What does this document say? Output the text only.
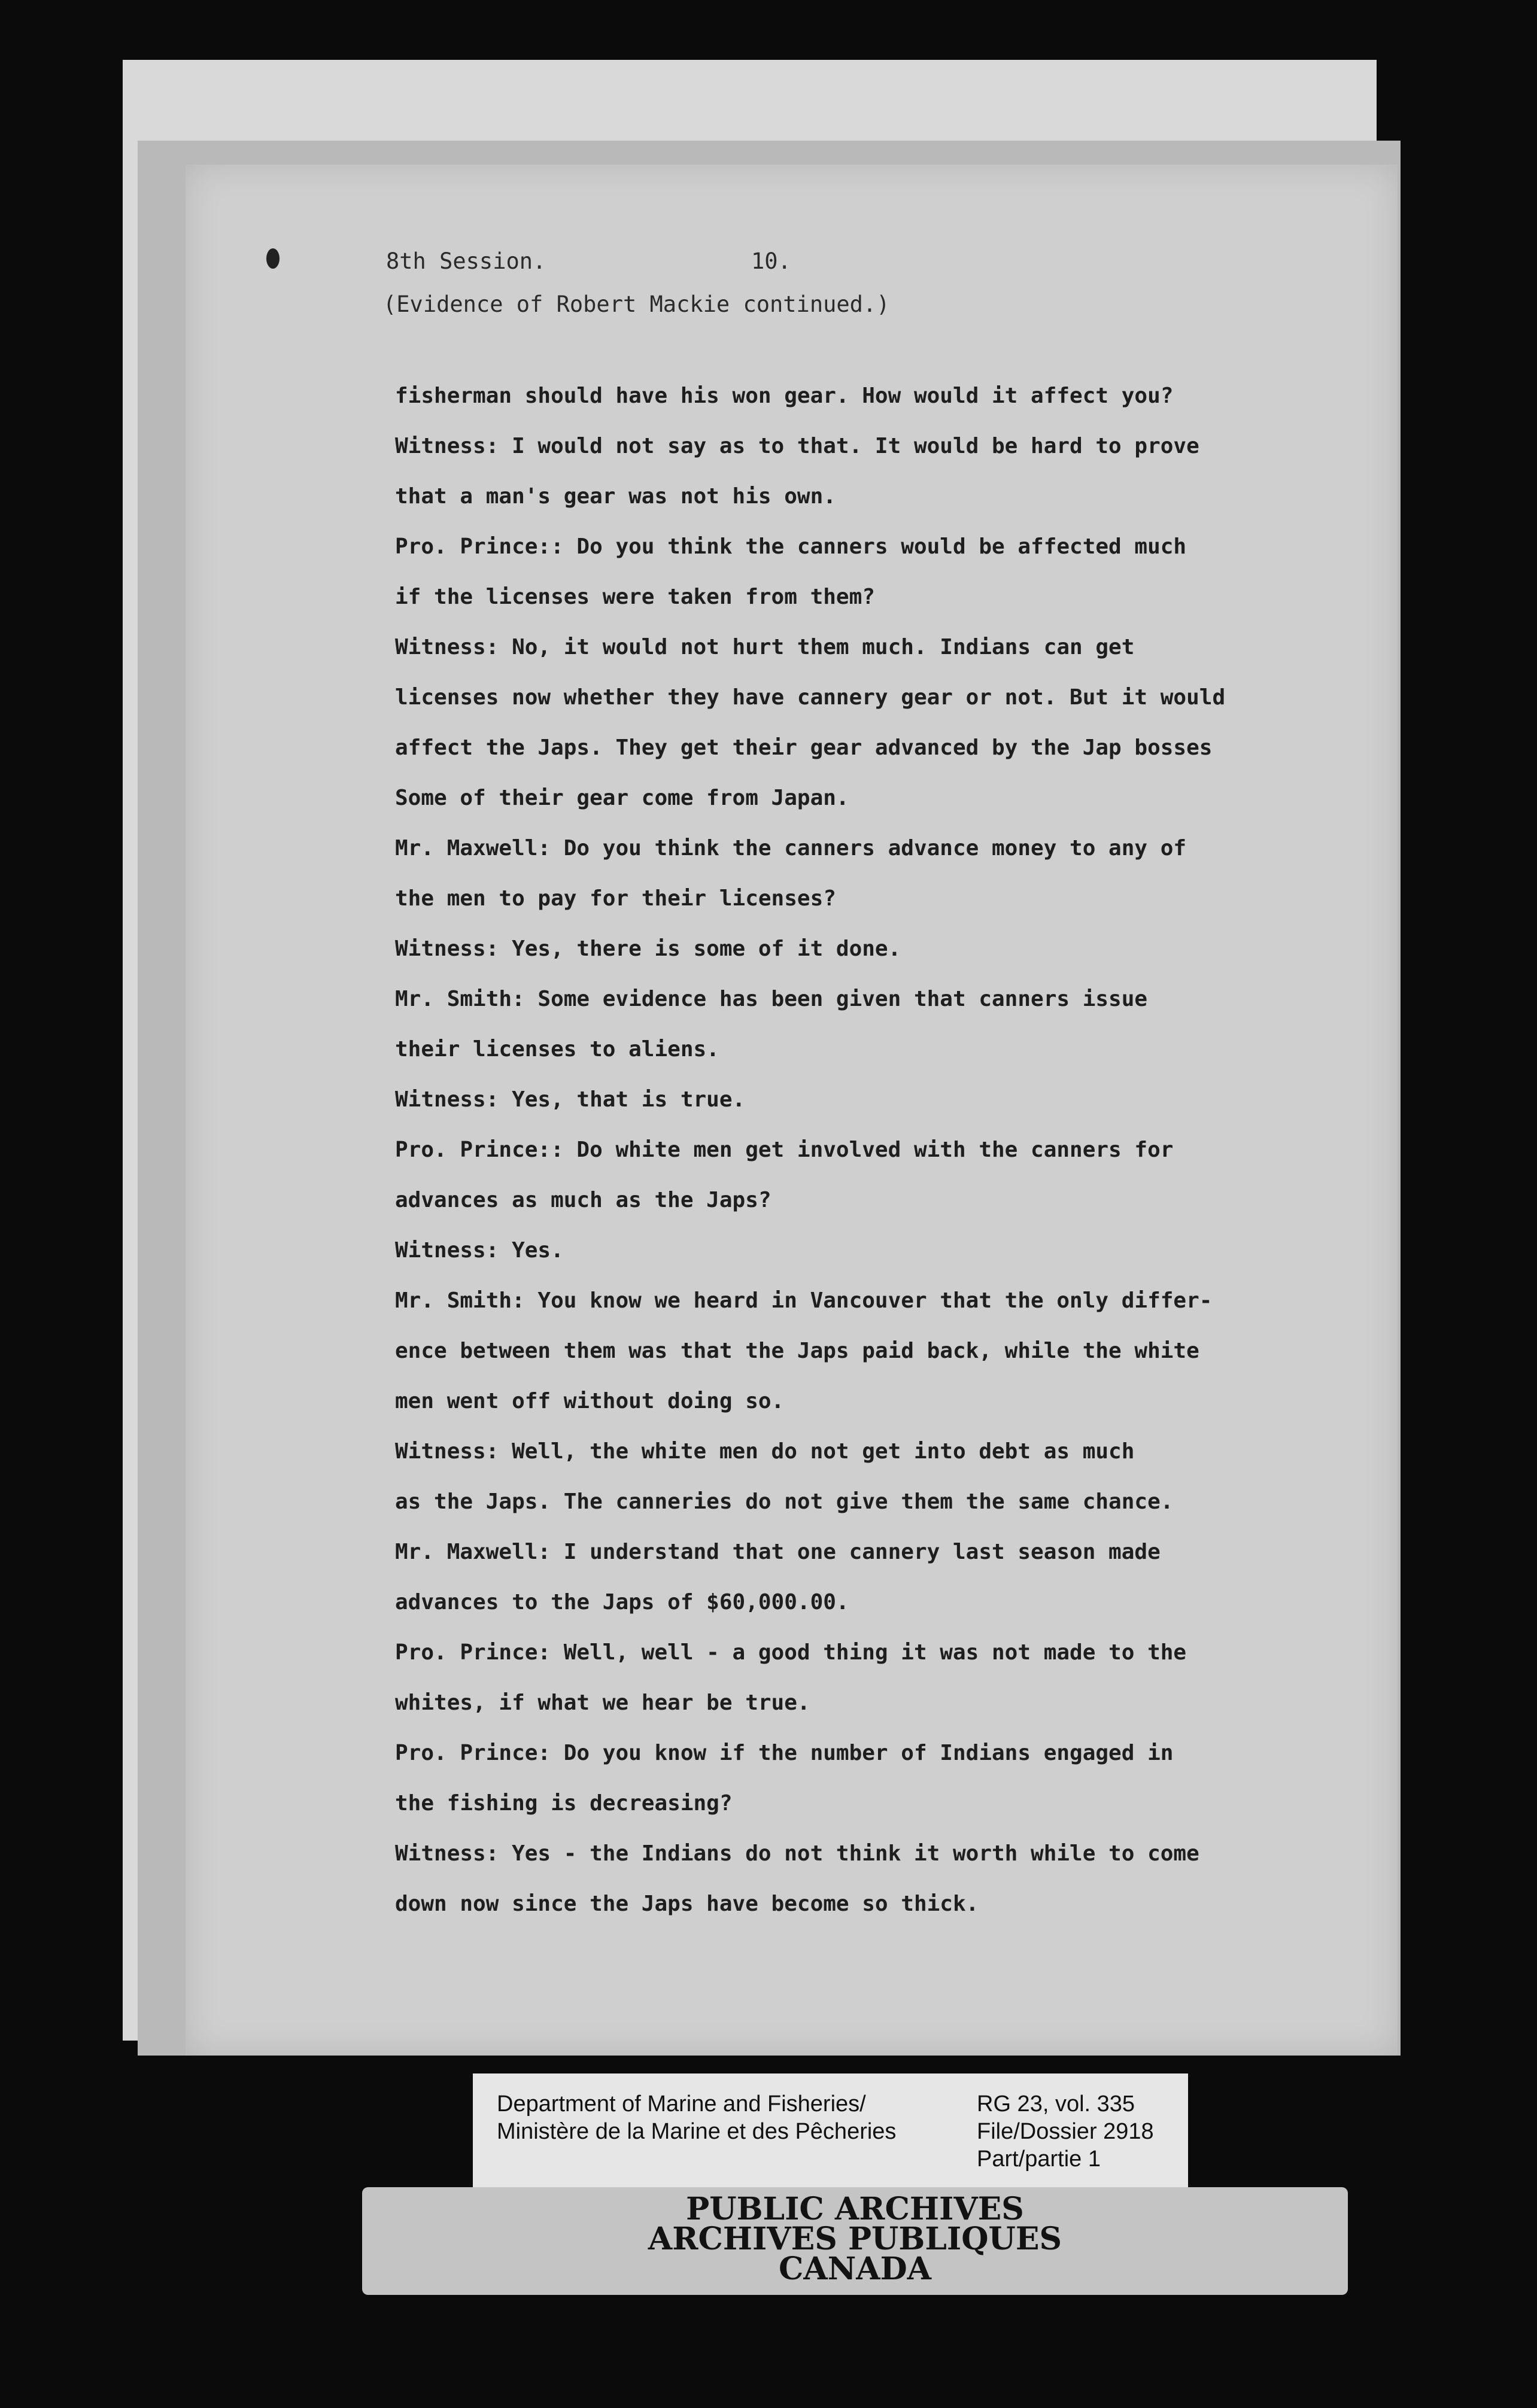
8th Session.	10.
(Evidence of Robert Mackie continued.)
fisherman should have his won gear. How would it affect you?
Witness: I would not say as to that. It would be hard to prove
that a man's gear was not his own.
Pro. Prince:: Do you think the canners would be affected much
if the licenses were taken from them?
Witness: No, it would not hurt them much. Indians can get
licenses now whether they have cannery gear or not. But it would
affect the Japs. They get their gear advanced by the Jap bosses
Some of their gear come from Japan.
Mr. Maxwell: Do you think the canners advance money to any of
the men to pay for their licenses?
Witness: Yes, there is some of it done.
Mr. Smith: Some evidence has been given that canners issue
their licenses to aliens.
Witness: Yes, that is true.
Pro. Prince:: Do white men get involved with the canners for
advances as much as the Japs?
Witness: Yes.
Mr. Smith: You know we heard in Vancouver that the only differ-
ence between them was that the Japs paid back, while the white
men went off without doing so.
Witness: Well, the white men do not get into debt as much
as the Japs. The canneries do not give them the same chance.
Mr. Maxwell: I understand that one cannery last season made
advances to the Japs of $60,000.00.
Pro. Prince: Well, well - a good thing it was not made to the
whites, if what we hear be true.
Pro. Prince: Do you know if the number of Indians engaged in
the fishing is decreasing?
Witness: Yes - the Indians do not think it worth while to come
down now since the Japs have become so thick.
Department of Marine and Fisheries/
Ministère de la Marine et des Pêcheries
RG 23, vol. 335
File/Dossier 2918
Part/partie 1
PUBLIC ARCHIVES
ARCHIVES PUBLIQUES
CANADA
